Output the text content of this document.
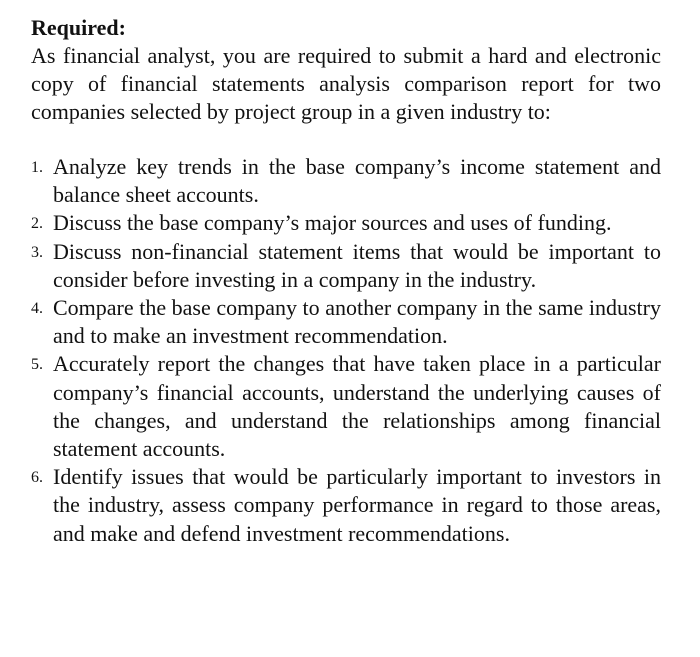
Required:

As financial analyst, you are required to submit a hard and electronic copy of financial statements analysis comparison report for two companies selected by project group in a given industry to:

1. Analyze key trends in the base company’s income statement and balance sheet accounts.
2. Discuss the base company’s major sources and uses of funding.
3. Discuss non-financial statement items that would be important to consider before investing in a company in the industry.
4. Compare the base company to another company in the same industry and to make an investment recommendation.
5. Accurately report the changes that have taken place in a particular company’s financial accounts, understand the underlying causes of the changes, and understand the relationships among financial statement accounts.
6. Identify issues that would be particularly important to investors in the industry, assess company performance in regard to those areas, and make and defend investment recommendations.
